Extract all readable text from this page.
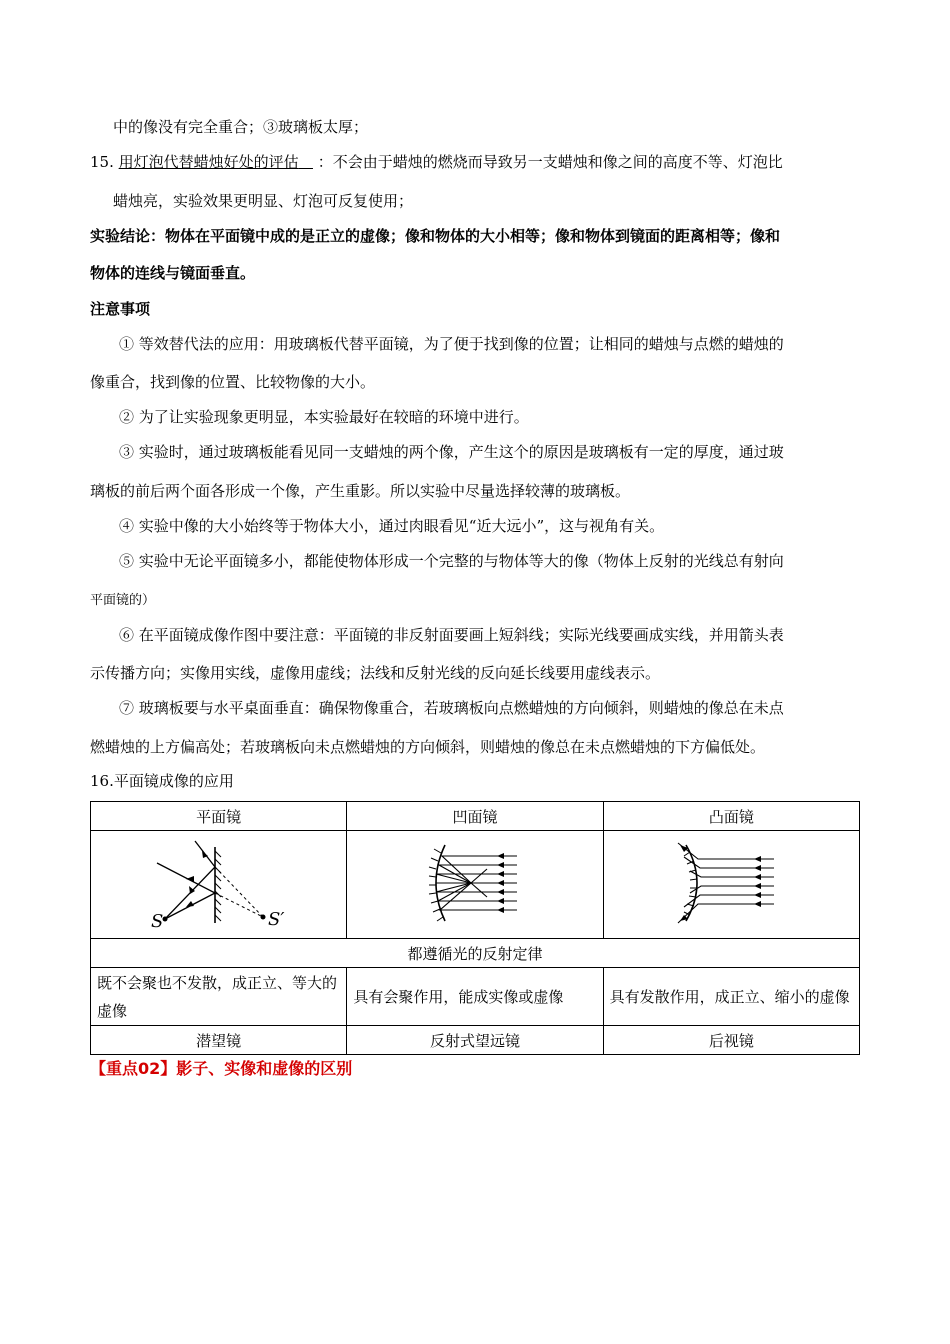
中的像没有完全重合；③玻璃板太厚；
15. 用灯泡代替蜡烛好处的评估 ：不会由于蜡烛的燃烧而导致另一支蜡烛和像之间的高度不等、灯泡比
蜡烛亮，实验效果更明显、灯泡可反复使用；
实验结论：物体在平面镜中成的是正立的虚像；像和物体的大小相等；像和物体到镜面的距离相等；像和
物体的连线与镜面垂直。
注意事项
① 等效替代法的应用：用玻璃板代替平面镜，为了便于找到像的位置；让相同的蜡烛与点燃的蜡烛的
像重合，找到像的位置、比较物像的大小。
② 为了让实验现象更明显，本实验最好在较暗的环境中进行。
③ 实验时，通过玻璃板能看见同一支蜡烛的两个像，产生这个的原因是玻璃板有一定的厚度，通过玻
璃板的前后两个面各形成一个像，产生重影。所以实验中尽量选择较薄的玻璃板。
④ 实验中像的大小始终等于物体大小，通过肉眼看见“近大远小”，这与视角有关。
⑤ 实验中无论平面镜多小，都能使物体形成一个完整的与物体等大的像（物体上反射的光线总有射向
平面镜的）
⑥ 在平面镜成像作图中要注意：平面镜的非反射面要画上短斜线；实际光线要画成实线，并用箭头表
示传播方向；实像用实线，虚像用虚线；法线和反射光线的反向延长线要用虚线表示。
⑦ 玻璃板要与水平桌面垂直：确保物像重合，若玻璃板向点燃蜡烛的方向倾斜，则蜡烛的像总在未点
燃蜡烛的上方偏高处；若玻璃板向未点燃蜡烛的方向倾斜，则蜡烛的像总在未点燃蜡烛的下方偏低处。
16.平面镜成像的应用
平面镜	凹面镜	凸面镜

S S′

都遵循光的反射定律		
既不会聚也不发散，成正立、等大的虚像	具有会聚作用，能成实像或虚像	具有发散作用，成正立、缩小的虚像
潜望镜	反射式望远镜	后视镜
【重点02】影子、实像和虚像的区别
